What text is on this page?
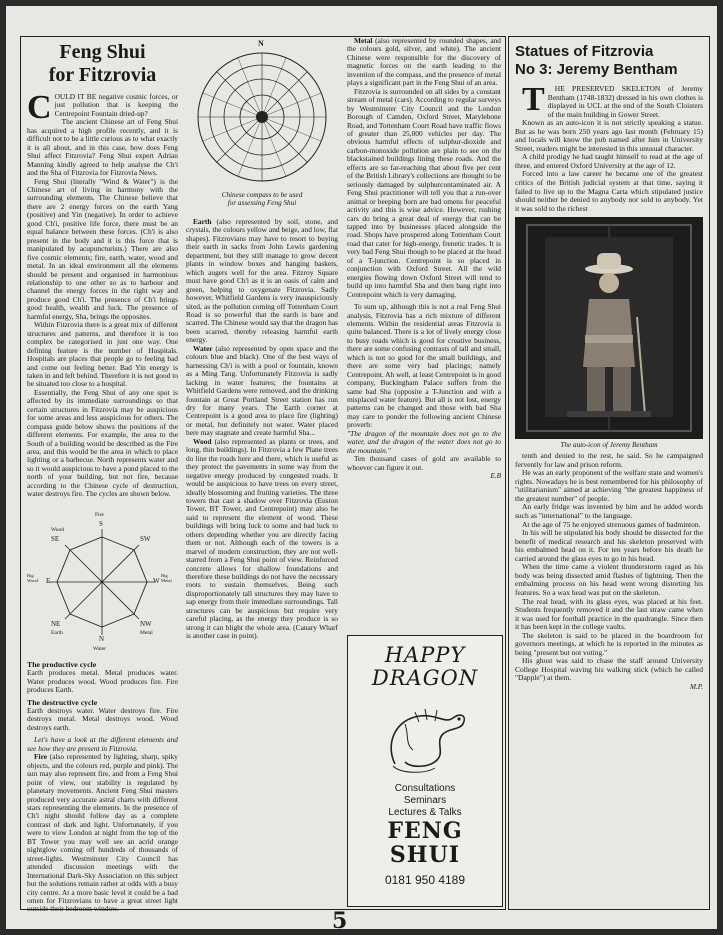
Feng Shui
for Fitzrovia

COULD IT BE negative cosmic forces, or just pollution that is keeping the Centrepoint Fountain dried-up?

The ancient Chinese art of Feng Shui has acquired a high profile recently, and it is difficult not to be a little curious as to what exactly it is all about, and in this case, how does Feng Shui affect Fitzrovia? Feng Shui expert Adrian Manning kindly agreed to help analyse the Ch'i and the Sha of Fitzrovia for Fitzrovia News.

Feng Shui (literally "Wind & Water") is the Chinese art of living in harmony with the surrounding elements. The Chinese believe that there are 2 energy forces on the earth Yang (positive) and Yin (negative). In order to achieve good Ch'i, positive life force, there must be an equal balance between these forces. (Ch'i is also present in the body and it is this force that is manipulated by acupuncturists.) There are also five cosmic elements; fire, earth, water, wood and metal. In an ideal environment all the elements should be present and organised in harmonious relationship to one other so as to harbour and channel the energy forces in the right way and produce good Ch'i. The presence of Ch'i brings good health, wealth and luck. The presence of harmful energy, Sha, brings the opposites.

Within Fitzrovia there is a great mix of different structures and patterns, and therefore it is too complex be categorised in just one way. One defining feature is the number of Hospitals. Hospitals are places that people go to feeling bad and come out feeling better. Bad Yin energy is taken in and left behind. Therefore it is not good to be situated too close to a hospital.

Essentially, the Feng Shui of any one spot is affected by its immediate surroundings so that certain structures in Fitzrovia may be auspicious for some areas and less auspicious for others. The compass guide below shows the positions of the different elements. For example, the area to the South of a building would be described as the Fire area, and this would be the area in which to place lighting or a barbecue. North represents water and so it would auspicious to have a pond placed to the north of your building, but not fire, because according to the Chinese cycle of destruction, water destroys fire. The cycles are shown below.

Fire
S
SE	SW
Wood
E
Big Wood	W
Big Metal
NE	NW
Earth	Metal
N
Water
The productive cycle

Earth produces metal. Metal produces water. Water produces wood. Wood produces fire. Fire produces Earth.

The destructive cycle

Earth destroys water. Water destroys fire. Fire destroys metal. Metal destroys wood. Wood destroys earth.

Let's have a look at the different elements and see how they are present in Fitzrovia.

Fire (also represented by lighting, sharp, spiky objects, and the colours red, purple and pink). The sun may also represent fire, and from a Feng Shui point of view, our stability is regulated by planetary movements. Ancient Feng Shui masters produced very accurate astral charts with different stars representing the elements. In the presence of Ch'i night should follow day as a complete contrast of dark and light. Unfortunately, if you were to view London at night from the top of the BT Tower you may well see an acrid orange nightglow coming off hundreds of thousands of street-lights. Westminster City Council has attended discussion meetings with the International Dark-Sky Association on this subject but the solutions remain rather at odds with a busy city centre. At a more basic level it could be a bad omen for Fitzrovians to have a great street light outside their bedroom window.

N
Chinese compass to be used
for assessing Feng Shui

Earth (also represented by soil, stone, and crystals, the colours yellow and beige, and low, flat shapes). Fitzrovians may have to resort to buying their earth in sacks from John Lewis gardening department, but they still manage to grow decent plants in window boxes and hanging baskets, which augers well for the area. Fitzroy Square must have good Ch'i as it is an oasis of calm and green, helping to oxygenate Fitzrovia. Sadly however, Whitfield Gardens is very inauspiciously sited, as the pollution coming off Tottenham Court Road is so powerful that the earth is bare and scarred. The Chinese would say that the dragon has been scarred, thereby releasing harmful earth energy.

Water (also represented by open space and the colours blue and black). One of the best ways of harnessing Ch'i is with a pool or fountain, known as a Ming Tang. Unfortunately Fitzrovia is sadly lacking in water features; the fountains at Whitfield Gardens were removed, and the drinking fountain at Great Portland Street station has run dry for many years. The Earth corner at Centrepoint is a good area to place fire (lighting) or metal, but definitely not water. Water placed here may stagnate and create harmful Sha...

Wood (also represented as plants or trees, and long, thin buildings). In Fitzrovia a few Plane trees do line the roads here and there, which is useful as they protect the pavements in some way from the negative energy produced by congested roads. It would be auspicious to have trees on every street, ideally blossoming and fruiting varieties. The three towers that cast a shadow over Fitzrovia (Euston Tower, BT Tower, and Centrepoint) may also be said to represent the element of wood. These buildings will bring luck to some and bad luck to others depending whether you are directly facing them or not. Although each of the towers is a marvel of modern construction, they are not well-starred from a Feng Shui point of view. Reinforced concrete allows for shallow foundations and therefore these buildings do not have the necessary roots to sustain themselves. Being such disproportionately tall structures they may have to sap energy from their immediate surroundings. Tall structures can be auspicious but require very careful placing, as the energy they produce is so strong it can blight the whole area. (Canary Wharf is another case in point).

Metal (also represented by rounded shapes, and the colours gold, silver, and white). The ancient Chinese were responsible for the discovery of magnetic forces on the earth leading to the invention of the compass, and the presence of metal plays a significant part in the Feng Shui of an area.

Fitzrovia is surrounded on all sides by a constant stream of metal (cars). According to regular surveys by Westminster City Council and the London Borough of Camden, Oxford Street, Marylebone Road, and Tottenham Court Road have traffic flows of greater than 25,000 vehicles per day. The obvious harmful effects of sulphur-dioxide and carbon-monoxide pollution are plain to see on the blackstained buildings lining these roads. And the effects are so far-reaching that about five per cent of the British Library's collections are thought to be seriously damaged by sulphurcontaminated air. A Feng Shui practitioner will tell you that a run-over animal or beeping horn are bad omens for peaceful activity and this is wise advice. However, rushing cars do bring a great deal of energy that can be tapped into by businesses placed alongside the road. Shops have prospered along Tottenham Court road that cater for high-energy, frenetic trades. It is very bad Feng Shui though to be placed at the head of a T-junction. Centrepoint is so placed in conjunction with Oxford Street. All the wild energies flowing down Oxford Street will tend to build up into harmful Sha and then bang right into Centrepoint which is very damaging.

To sum up, although this is not a real Feng Shui analysis, Fitzrovia has a rich mixture of different elements. Within the residential areas Fitzrovia is quite balanced. There is a lot of lively energy close to busy roads which is good for creative business, there are some confusing contrasts of tall and small, which is not so good for the small buildings, and there are some very bad placings; namely Centrepoint. Ah well, at least Centrepoint is in good company, Buckingham Palace suffers from the same bad Sha (opposite a T-Junction and with a misplaced water feature). But all is not lost, energy patterns can be changed and those with bad Sha may care to ponder the following ancient Chinese proverb:

"The dragon of the mountain does not go to the water, and the dragon of the water does not go to the mountain."

Ten thousand cases of gold are available to whoever can figure it out.

E.B
HAPPY
DRAGON
Consultations
Seminars
Lectures & Talks
FENG SHUI
0181 950 4189
Statues of Fitzrovia
No 3: Jeremy Bentham

T HE PRESERVED SKELETON of Jeremy Bentham (1748-1832) dressed in his own clothes is displayed in UCL at the end of the South Cloisters of the main building in Gower Street.

Known as an auto-icon it is not strictly speaking a statue. But as he was born 250 years ago last month (February 15) and locals will know the pub named after him in University Street, readers might be interested in this unusual character.

A child prodigy he had taught himself to read at the age of three, and entered Oxford University at the age of 12.

Forced into a law career he became one of the greatest critics of the British judicial system at that time, saying it failed to live up to the Magna Carta which stipulated justice should neither be denied to anybody nor sold to anybody. Yet it was sold to the richest

The auto-icon of Jeremy Bentham

tenth and denied to the rest, he said. So he campaigned fervently for law and prison reform.

He was an early proponent of the welfare state and women's rights. Nowadays he is best remembered for his philosophy of "utilitarianism" aimed at achieving "the greatest happiness of the greatest number" of people.

An early fridge was invented by him and he added words such as "international" to the language.

At the age of 75 he enjoyed strenuous games of badminton.

In his will he stipulated his body should be dissected for the benefit of medical research and his skeleton preserved with his embalmed head on it. For ten years before his death he carried around the glass eyes to go in his head.

When the time came a violent thunderstorm raged as his body was being dissected amid flashes of lightning. Then the embalming process on his head went wrong distorting his features. So a wax head was put on the skeleton.

The real head, with its glass eyes, was placed at his feet. Students frequently removed it and the last straw came when it was used for football practice in the quadrangle. Since then it has been kept in the college vaults.

The skeleton is said to be placed in the boardroom for governors meetings, at which he is reported in the minutes as being "present but not voting."

His ghost was said to chase the staff around University College Hospital waving his walking stick (which he called "Dapple") at them.

M.P.
5
